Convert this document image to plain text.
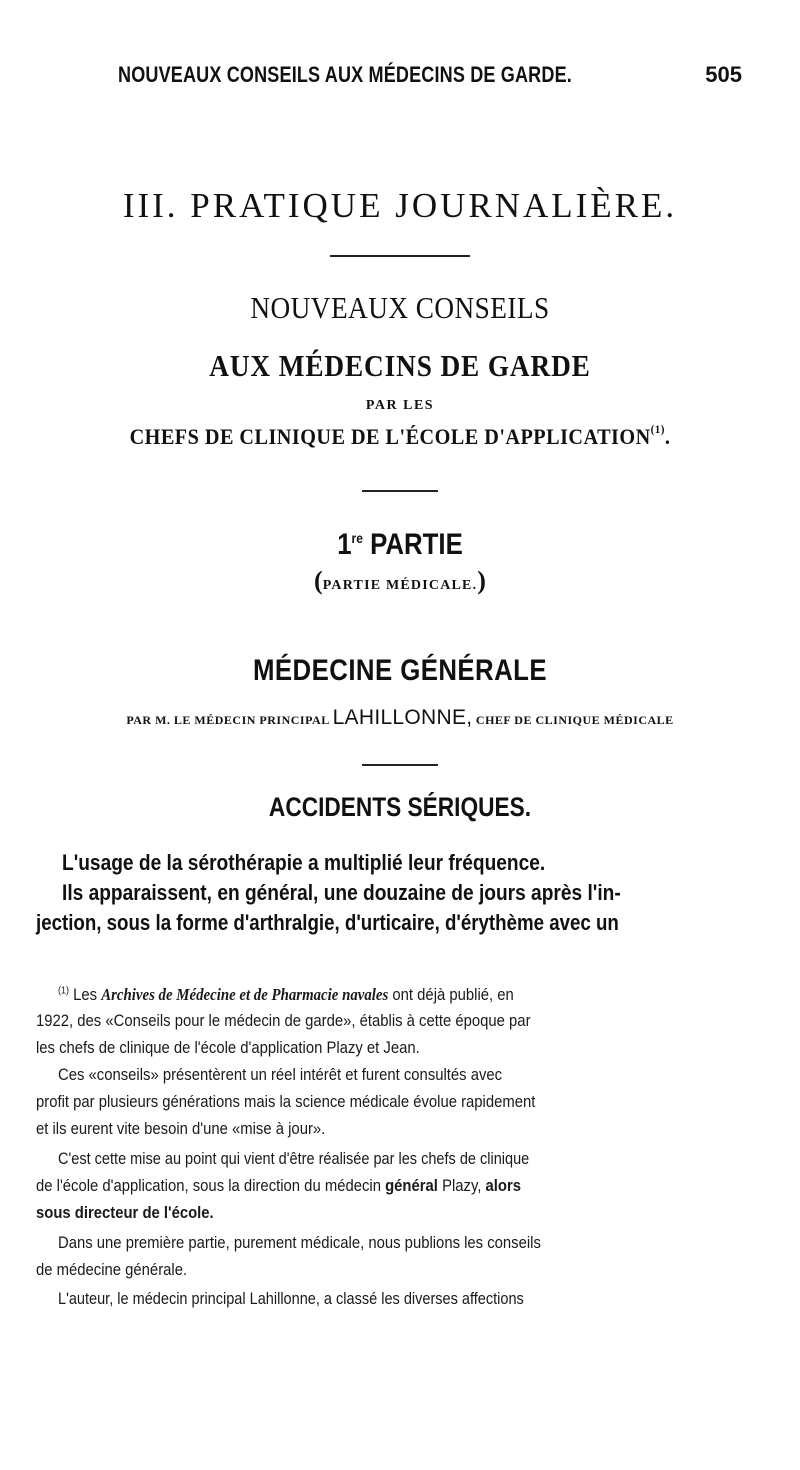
NOUVEAUX CONSEILS AUX MÉDECINS DE GARDE.	505
III. PRATIQUE JOURNALIÈRE.
NOUVEAUX CONSEILS
AUX MÉDECINS DE GARDE
PAR LES
CHEFS DE CLINIQUE DE L'ÉCOLE D'APPLICATION$^{(1)}$.
1re PARTIE
(PARTIE MÉDICALE.)
MÉDECINE GÉNÉRALE
PAR M. LE MÉDECIN PRINCIPAL LAHILLONNE, CHEF DE CLINIQUE MÉDICALE
ACCIDENTS SÉRIQUES.
L'usage de la sérothérapie a multiplié leur fréquence.
Ils apparaissent, en général, une douzaine de jours après l'in-
jection, sous la forme d'arthralgie, d'urticaire, d'érythème avec un
$^{(1)}$ Les Archives de Médecine et de Pharmacie navales ont déjà publié, en
1922, des «Conseils pour le médecin de garde», établis à cette époque par
les chefs de clinique de l'école d'application Plazy et Jean.
Ces «conseils» présentèrent un réel intérêt et furent consultés avec
profit par plusieurs générations mais la science médicale évolue rapidement
et ils eurent vite besoin d'une «mise à jour».
C'est cette mise au point qui vient d'être réalisée par les chefs de clinique
de l'école d'application, sous la direction du médecin général Plazy, alors
sous directeur de l'école.
Dans une première partie, purement médicale, nous publions les conseils
de médecine générale.
L'auteur, le médecin principal Lahillonne, a classé les diverses affections
